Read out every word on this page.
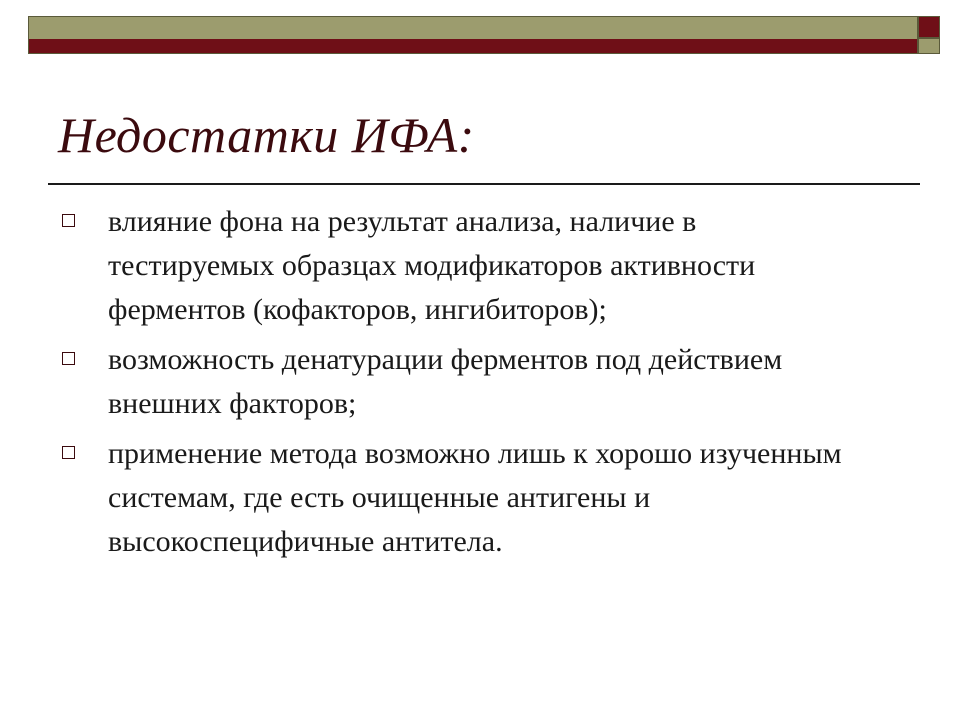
Недостатки ИФА:
влияние фона на результат анализа, наличие в тестируемых образцах модификаторов активности ферментов (кофакторов, ингибиторов);
возможность денатурации ферментов под действием внешних факторов;
применение метода возможно лишь к хорошо изученным системам, где есть очищенные антигены и высокоспецифичные антитела.
